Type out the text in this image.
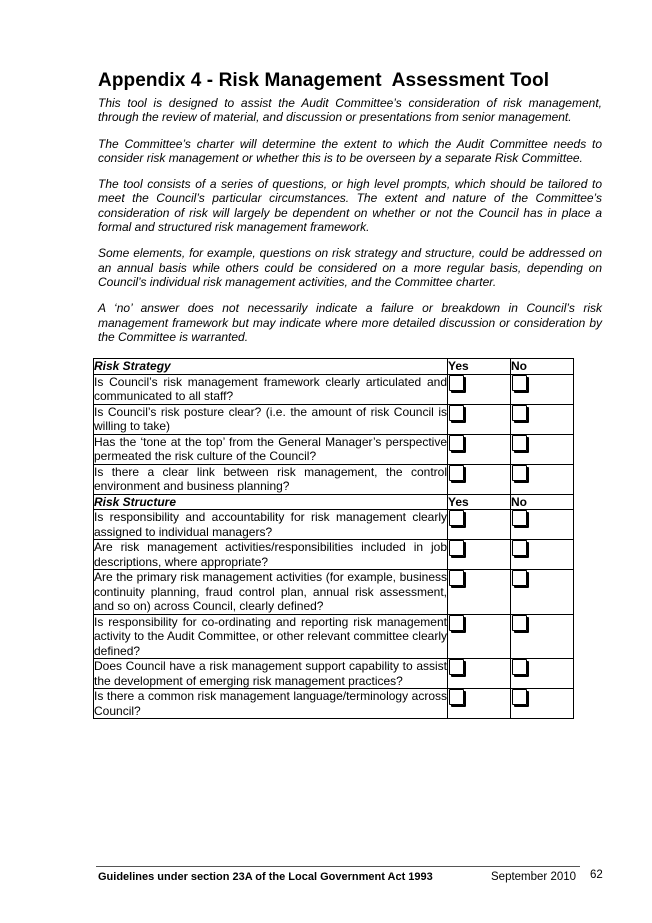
Appendix 4 - Risk Management  Assessment Tool

This tool is designed to assist the Audit Committee’s consideration of risk management, through the review of material, and discussion or presentations from senior management.

The Committee’s charter will determine the extent to which the Audit Committee needs to consider risk management or whether this is to be overseen by a separate Risk Committee.

The tool consists of a series of questions, or high level prompts, which should be tailored to meet the Council’s particular circumstances. The extent and nature of the Committee’s consideration of risk will largely be dependent on whether or not the Council has in place a formal and structured risk management framework.

Some elements, for example, questions on risk strategy and structure, could be addressed on an annual basis while others could be considered on a more regular basis, depending on Council’s individual risk management activities, and the Committee charter.

A ‘no’ answer does not necessarily indicate a failure or breakdown in Council’s risk management framework but may indicate where more detailed discussion or consideration by the Committee is warranted.

Risk Strategy	Yes	No
Is Council’s risk management framework clearly articulated and communicated to all staff?		
Is Council’s risk posture clear? (i.e. the amount of risk Council is willing to take)		
Has the ‘tone at the top’ from the General Manager’s perspective permeated the risk culture of the Council?		
Is there a clear link between risk management, the control environment and business planning?		
Risk Structure	Yes	No
Is responsibility and accountability for risk management clearly assigned to individual managers?		
Are risk management activities/responsibilities included in job descriptions, where appropriate?		
Are the primary risk management activities (for example, business continuity planning, fraud control plan, annual risk assessment, and so on) across Council, clearly defined?		
Is responsibility for co-ordinating and reporting risk management activity to the Audit Committee, or other relevant committee clearly defined?		
Does Council have a risk management support capability to assist the development of emerging risk management practices?		
Is there a common risk management language/terminology across Council?		
Guidelines under section 23A of the Local Government Act 1993	September 2010 62
